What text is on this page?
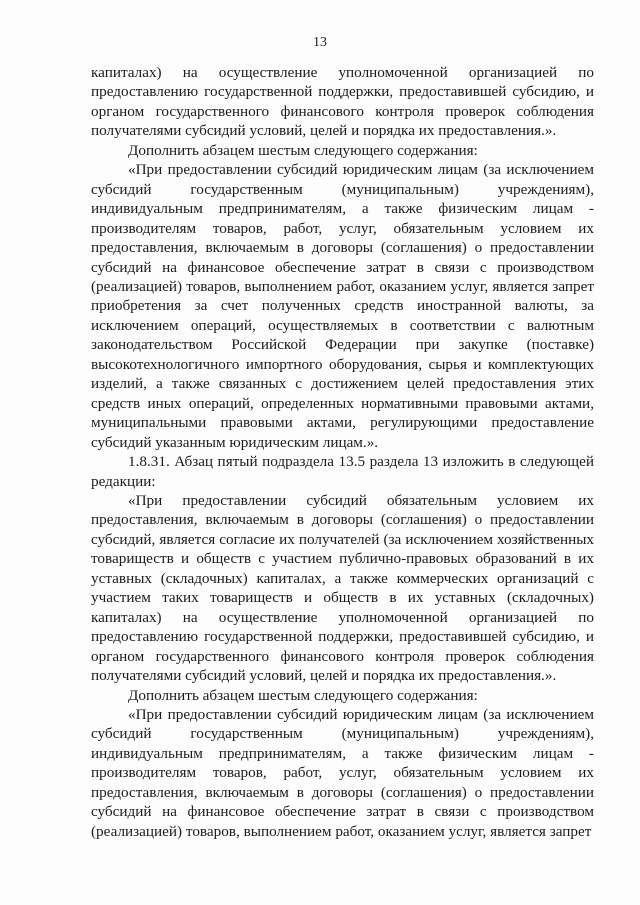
13

капиталах) на осуществление уполномоченной организацией по предоставлению государственной поддержки, предоставившей субсидию, и органом государственного финансового контроля проверок соблюдения получателями субсидий условий, целей и порядка их предоставления.».

Дополнить абзацем шестым следующего содержания:

«При предоставлении субсидий юридическим лицам (за исключением субсидий государственным (муниципальным) учреждениям), индивидуальным предпринимателям, а также физическим лицам - производителям товаров, работ, услуг, обязательным условием их предоставления, включаемым в договоры (соглашения) о предоставлении субсидий на финансовое обеспечение затрат в связи с производством (реализацией) товаров, выполнением работ, оказанием услуг, является запрет приобретения за счет полученных средств иностранной валюты, за исключением операций, осуществляемых в соответствии с валютным законодательством Российской Федерации при закупке (поставке) высокотехнологичного импортного оборудования, сырья и комплектующих изделий, а также связанных с достижением целей предоставления этих средств иных операций, определенных нормативными правовыми актами, муниципальными правовыми актами, регулирующими предоставление субсидий указанным юридическим лицам.».

1.8.31. Абзац пятый подраздела 13.5 раздела 13 изложить в следующей редакции:

«При предоставлении субсидий обязательным условием их предоставления, включаемым в договоры (соглашения) о предоставлении субсидий, является согласие их получателей (за исключением хозяйственных товариществ и обществ с участием публично-правовых образований в их уставных (складочных) капиталах, а также коммерческих организаций с участием таких товариществ и обществ в их уставных (складочных) капиталах) на осуществление уполномоченной организацией по предоставлению государственной поддержки, предоставившей субсидию, и органом государственного финансового контроля проверок соблюдения получателями субсидий условий, целей и порядка их предоставления.».

Дополнить абзацем шестым следующего содержания:

«При предоставлении субсидий юридическим лицам (за исключением субсидий государственным (муниципальным) учреждениям), индивидуальным предпринимателям, а также физическим лицам - производителям товаров, работ, услуг, обязательным условием их предоставления, включаемым в договоры (соглашения) о предоставлении субсидий на финансовое обеспечение затрат в связи с производством (реализацией) товаров, выполнением работ, оказанием услуг, является запрет
